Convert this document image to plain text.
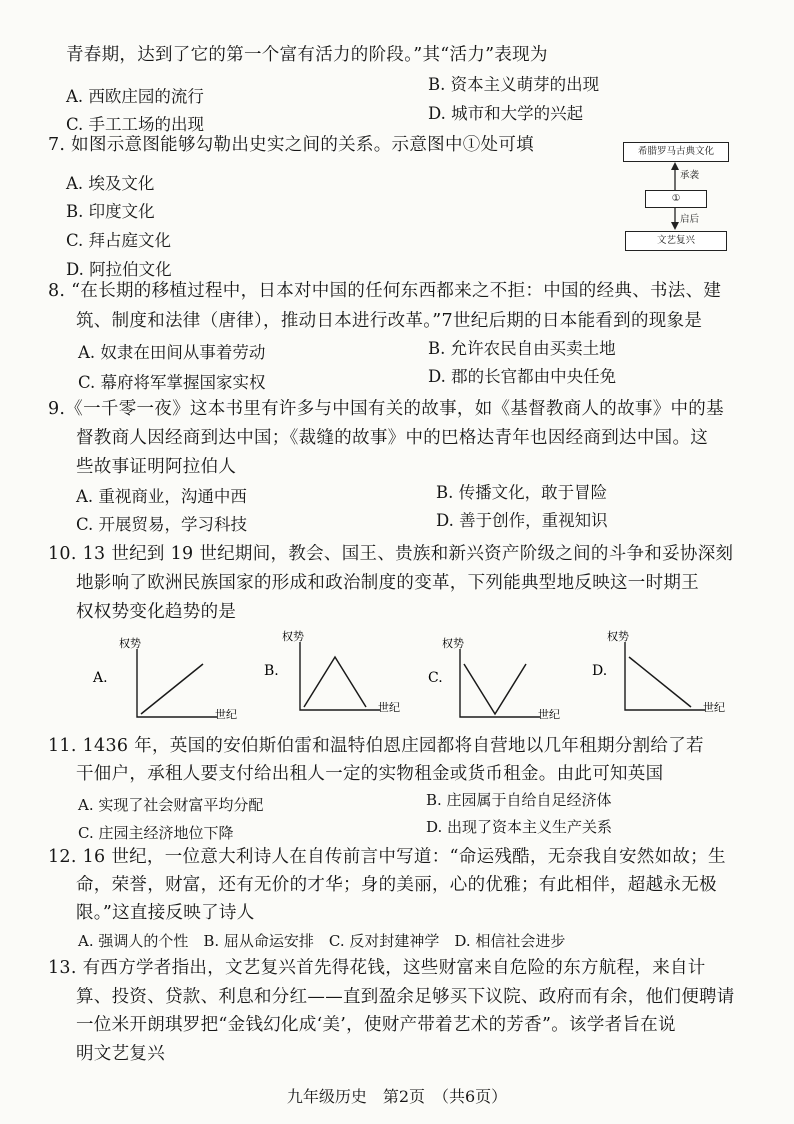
青春期，达到了它的第一个富有活力的阶段。”其“活力”表现为
B. 资本主义萌芽的出现
A. 西欧庄园的流行
D. 城市和大学的兴起
C. 手工工场的出现
7. 如图示意图能够勾勒出史实之间的关系。示意图中①处可填
A. 埃及文化
B. 印度文化
C. 拜占庭文化
D. 阿拉伯文化
希腊罗马古典文化
承袭
①
启后
文艺复兴
8. “在长期的移植过程中，日本对中国的任何东西都来之不拒：中国的经典、书法、建
筑、制度和法律（唐律），推动日本进行改革。”7世纪后期的日本能看到的现象是
B. 允许农民自由买卖土地
A. 奴隶在田间从事着劳动
D. 郡的长官都由中央任免
C. 幕府将军掌握国家实权
9.《一千零一夜》这本书里有许多与中国有关的故事，如《基督教商人的故事》中的基
督教商人因经商到达中国；《裁缝的故事》中的巴格达青年也因经商到达中国。这
些故事证明阿拉伯人
B. 传播文化，敢于冒险
A. 重视商业，沟通中西
D. 善于创作，重视知识
C. 开展贸易，学习科技
10. 13 世纪到 19 世纪期间，教会、国王、贵族和新兴资产阶级之间的斗争和妥协深刻
地影响了欧洲民族国家的形成和政治制度的变革，下列能典型地反映这一时期王
权权势变化趋势的是
A.
权势
世纪
B.
权势
世纪
C.
权势
世纪
D.
权势
世纪
11. 1436 年，英国的安伯斯伯雷和温特伯恩庄园都将自营地以几年租期分割给了若
干佃户，承租人要支付给出租人一定的实物租金或货币租金。由此可知英国
B. 庄园属于自给自足经济体
A. 实现了社会财富平均分配
D. 出现了资本主义生产关系
C. 庄园主经济地位下降
12. 16 世纪，一位意大利诗人在自传前言中写道：“命运残酷，无奈我自安然如故；生
命，荣誉，财富，还有无价的才华；身的美丽，心的优雅；有此相伴，超越永无极
限。”这直接反映了诗人
A. 强调人的个性　B. 屈从命运安排　C. 反对封建神学　D. 相信社会进步
13. 有西方学者指出，文艺复兴首先得花钱，这些财富来自危险的东方航程，来自计
算、投资、贷款、利息和分红——直到盈余足够买下议院、政府而有余，他们便聘请
一位米开朗琪罗把“金钱幻化成‘美’，使财产带着艺术的芳香”。该学者旨在说
明文艺复兴
九年级历史　第2页　（共6页）
